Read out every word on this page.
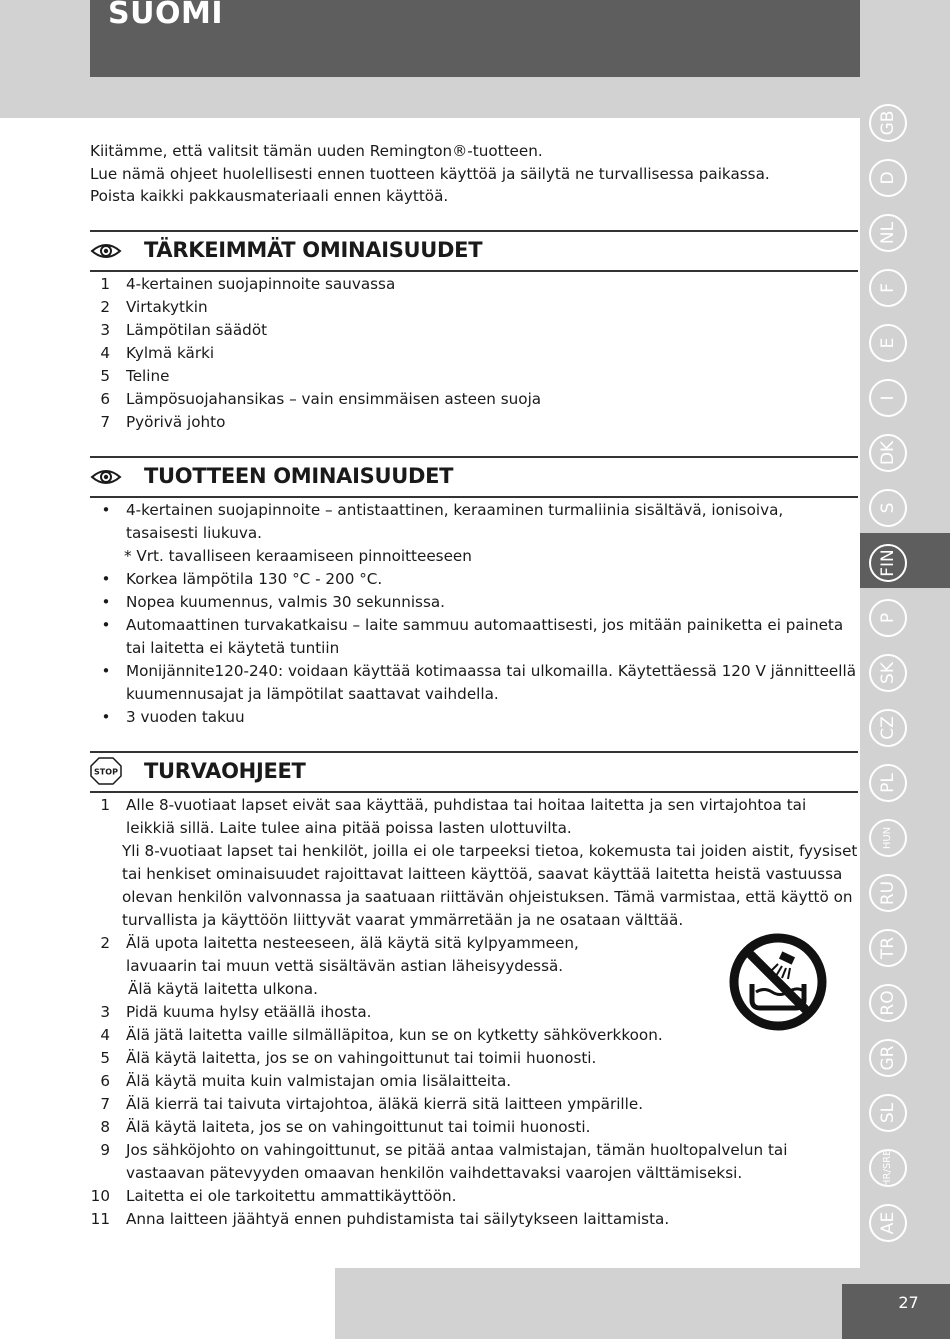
SUOMI
GB
D
NL
F
E
I
DK
S
FIN
P
SK
CZ
PL
HUN
RU
TR
RO
GR
SL
HR/SRB
AE

Kiitämme, että valitsit tämän uuden Remington®-tuotteen.

Lue nämä ohjeet huolellisesti ennen tuotteen käyttöä ja säilytä ne turvallisessa paikassa.

Poista kaikki pakkausmateriaali ennen käyttöä.

TÄRKEIMMÄT OMINAISUUDET
1 4-kertainen suojapinnoite sauvassa
2 Virtakytkin
3 Lämpötilan säädöt
4 Kylmä kärki
5 Teline
6 Lämpösuojahansikas – vain ensimmäisen asteen suoja
7 Pyörivä johto
TUOTTEEN OMINAISUUDET
• 4-kertainen suojapinnoite – antistaattinen, keraaminen turmaliinia sisältävä, ionisoiva, tasaisesti liukuva.
* Vrt. tavalliseen keraamiseen pinnoitteeseen
• Korkea lämpötila 130 °C - 200 °C.
• Nopea kuumennus, valmis 30 sekunnissa.
• Automaattinen turvakatkaisu – laite sammuu automaattisesti, jos mitään painiketta ei paineta tai laitetta ei käytetä tuntiin
• Monijännite120-240: voidaan käyttää kotimaassa tai ulkomailla. Käytettäessä 120 V jännitteellä kuumennusajat ja lämpötilat saattavat vaihdella.
• 3 vuoden takuu
STOP TURVAOHJEET
1 Alle 8-vuotiaat lapset eivät saa käyttää, puhdistaa tai hoitaa laitetta ja sen virtajohtoa tai leikkiä sillä. Laite tulee aina pitää poissa lasten ulottuvilta.
Yli 8-vuotiaat lapset tai henkilöt, joilla ei ole tarpeeksi tietoa, kokemusta tai joiden aistit, fyysiset tai henkiset ominaisuudet rajoittavat laitteen käyttöä, saavat käyttää laitetta heistä vastuussa olevan henkilön valvonnassa ja saatuaan riittävän ohjeistuksen. Tämä varmistaa, että käyttö on turvallista ja käyttöön liittyvät vaarat ymmärretään ja ne osataan välttää.
2 Älä upota laitetta nesteeseen, älä käytä sitä kylpyammeen,
lavuaarin tai muun vettä sisältävän astian läheisyydessä.
Älä käytä laitetta ulkona.
3 Pidä kuuma hylsy etäällä ihosta.
4 Älä jätä laitetta vaille silmälläpitoa, kun se on kytketty sähköverkkoon.
5 Älä käytä laitetta, jos se on vahingoittunut tai toimii huonosti.
6 Älä käytä muita kuin valmistajan omia lisälaitteita.
7 Älä kierrä tai taivuta virtajohtoa, äläkä kierrä sitä laitteen ympärille.
8 Älä käytä laiteta, jos se on vahingoittunut tai toimii huonosti.
9 Jos sähköjohto on vahingoittunut, se pitää antaa valmistajan, tämän huoltopalvelun tai vastaavan pätevyyden omaavan henkilön vaihdettavaksi vaarojen välttämiseksi.
10 Laitetta ei ole tarkoitettu ammattikäyttöön.
11 Anna laitteen jäähtyä ennen puhdistamista tai säilytykseen laittamista.
27
